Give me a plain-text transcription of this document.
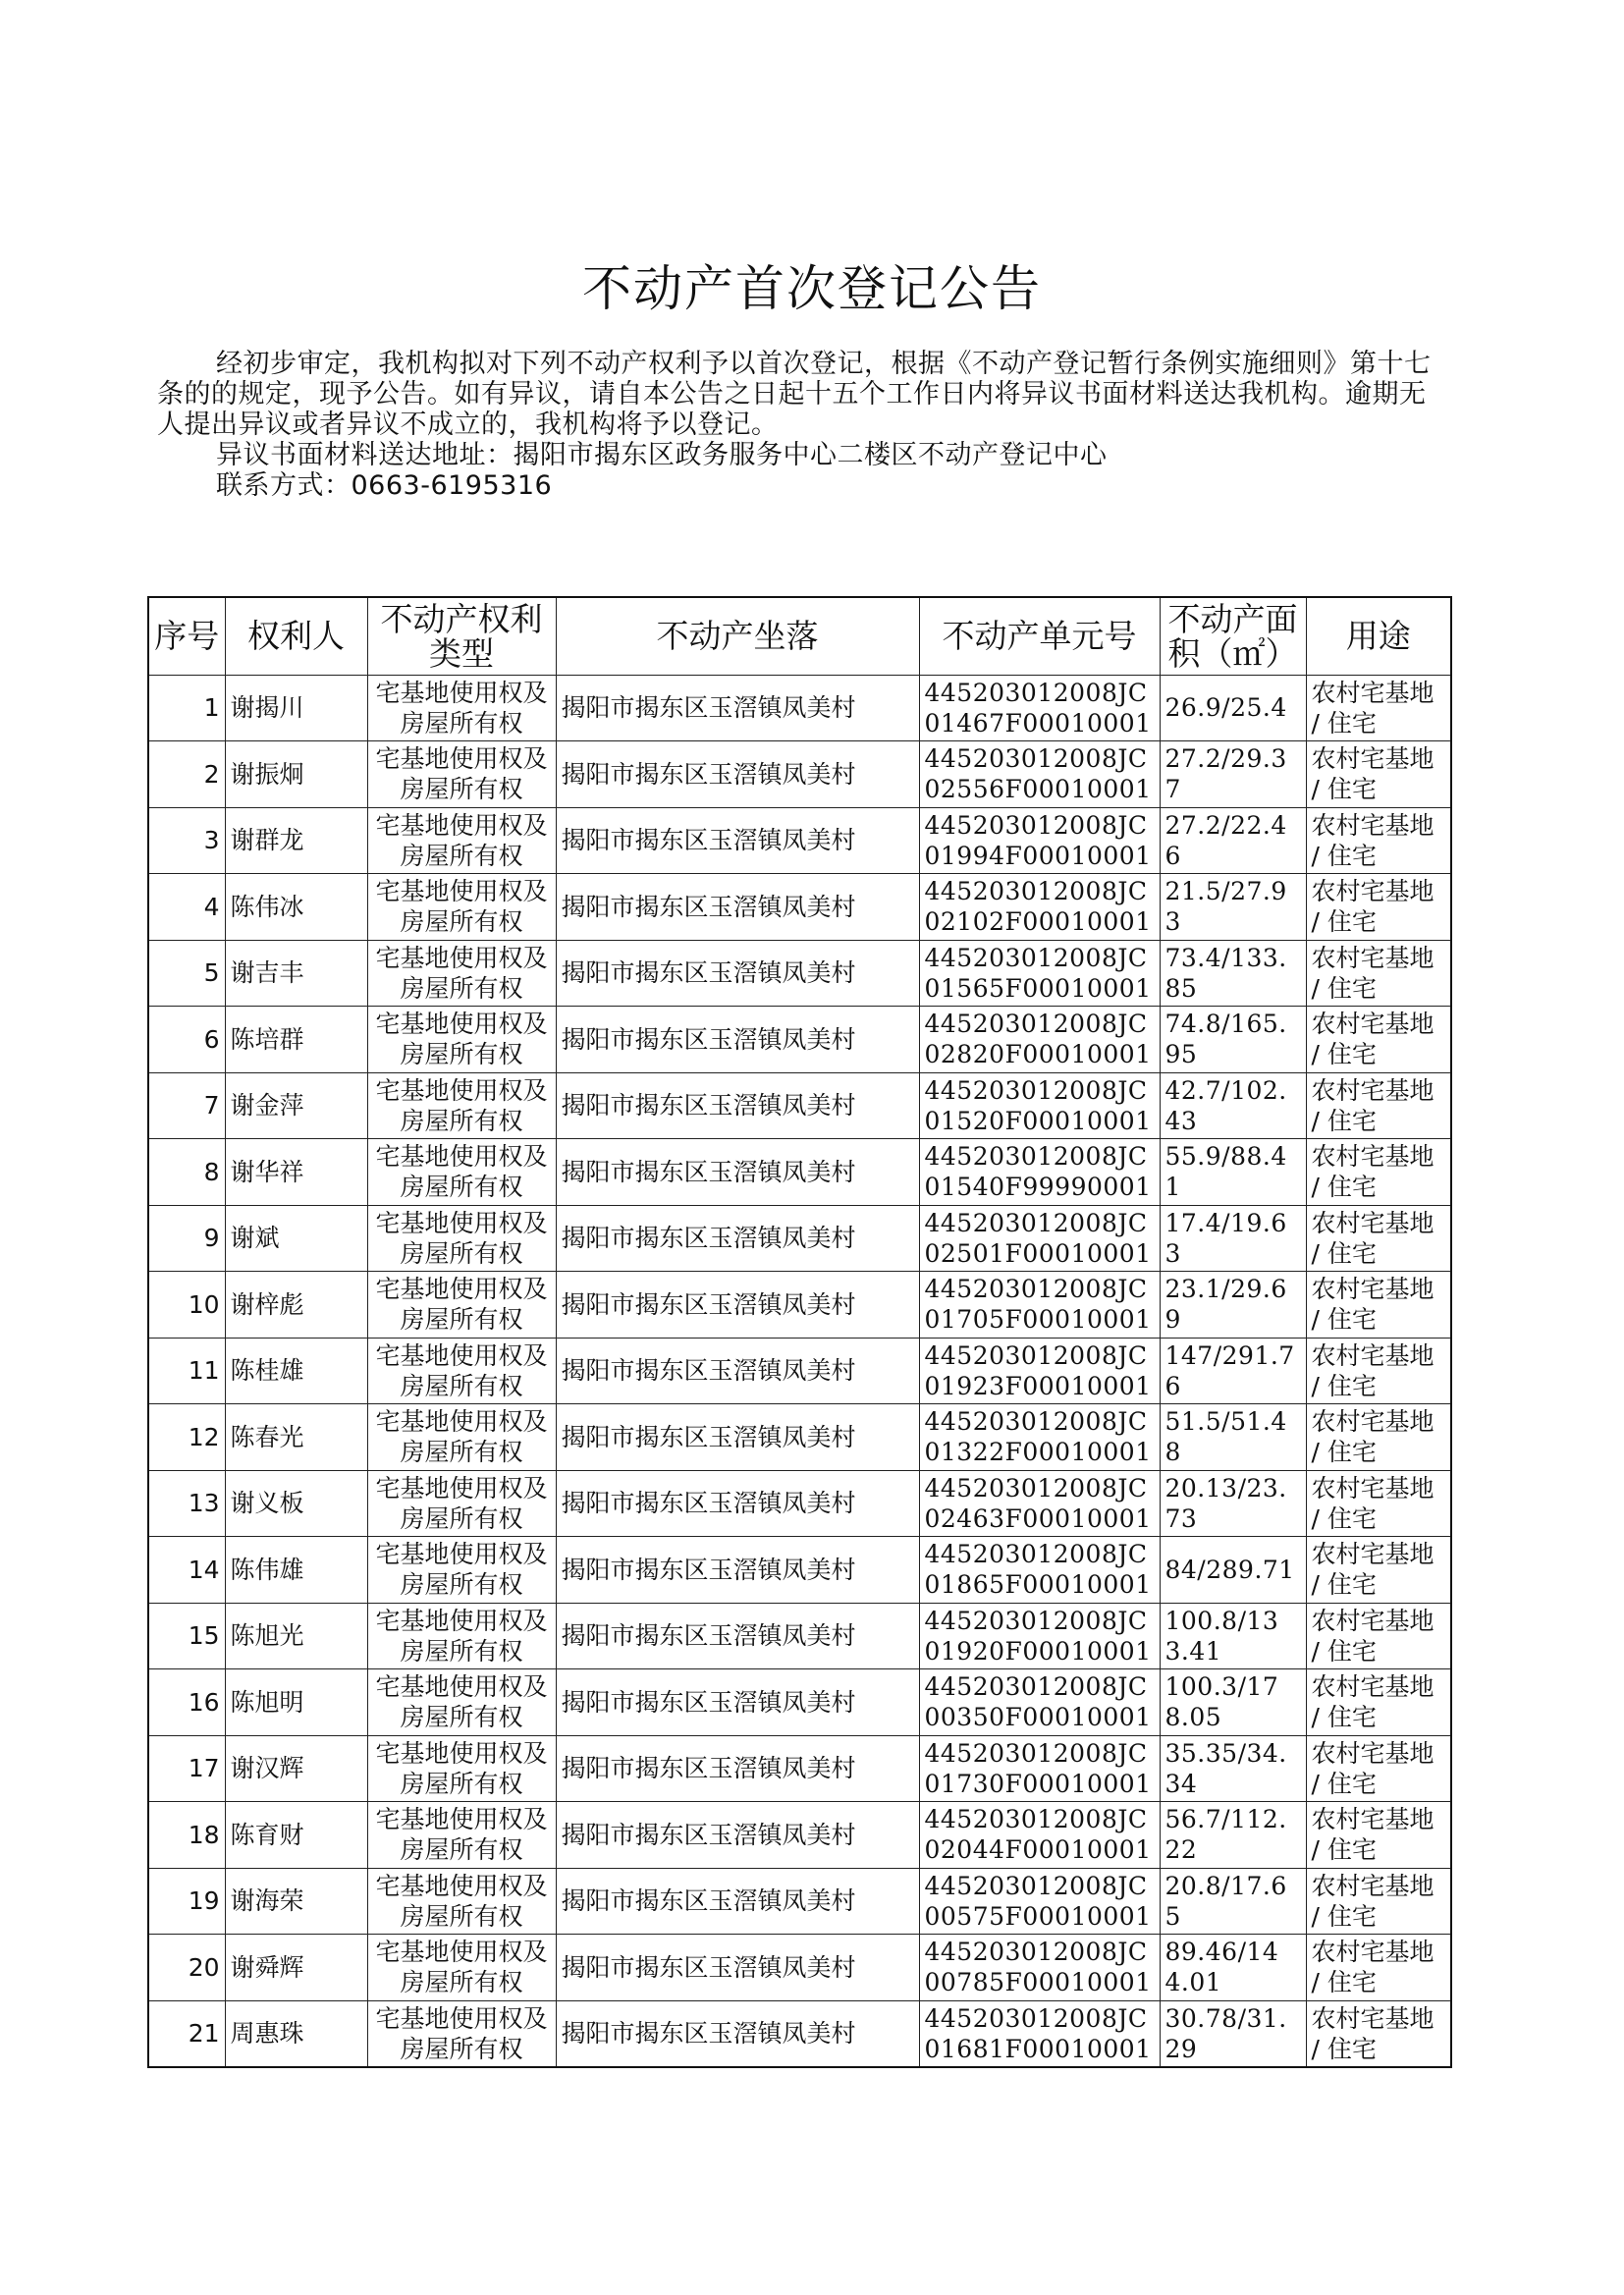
不动产首次登记公告

经初步审定，我机构拟对下列不动产权利予以首次登记，根据《不动产登记暂行条例实施细则》第十七条的的规定，现予公告。如有异议，请自本公告之日起十五个工作日内将异议书面材料送达我机构。逾期无人提出异议或者异议不成立的，我机构将予以登记。

异议书面材料送达地址：揭阳市揭东区政务服务中心二楼区不动产登记中心

联系方式：0663-6195316

序号	权利人	不动产权利类型	不动产坐落	不动产单元号	不动产面积（㎡）	用途
1	谢揭川	宅基地使用权及房屋所有权	揭阳市揭东区玉滘镇凤美村	445203012008JC01467F00010001	26.9/25.4	农村宅基地 / 住宅
2	谢振炯	宅基地使用权及房屋所有权	揭阳市揭东区玉滘镇凤美村	445203012008JC02556F00010001	27.2/29.37	农村宅基地 / 住宅
3	谢群龙	宅基地使用权及房屋所有权	揭阳市揭东区玉滘镇凤美村	445203012008JC01994F00010001	27.2/22.46	农村宅基地 / 住宅
4	陈伟冰	宅基地使用权及房屋所有权	揭阳市揭东区玉滘镇凤美村	445203012008JC02102F00010001	21.5/27.93	农村宅基地 / 住宅
5	谢吉丰	宅基地使用权及房屋所有权	揭阳市揭东区玉滘镇凤美村	445203012008JC01565F00010001	73.4/133.85	农村宅基地 / 住宅
6	陈培群	宅基地使用权及房屋所有权	揭阳市揭东区玉滘镇凤美村	445203012008JC02820F00010001	74.8/165.95	农村宅基地 / 住宅
7	谢金萍	宅基地使用权及房屋所有权	揭阳市揭东区玉滘镇凤美村	445203012008JC01520F00010001	42.7/102.43	农村宅基地 / 住宅
8	谢华祥	宅基地使用权及房屋所有权	揭阳市揭东区玉滘镇凤美村	445203012008JC01540F99990001	55.9/88.41	农村宅基地 / 住宅
9	谢斌	宅基地使用权及房屋所有权	揭阳市揭东区玉滘镇凤美村	445203012008JC02501F00010001	17.4/19.63	农村宅基地 / 住宅
10	谢梓彪	宅基地使用权及房屋所有权	揭阳市揭东区玉滘镇凤美村	445203012008JC01705F00010001	23.1/29.69	农村宅基地 / 住宅
11	陈桂雄	宅基地使用权及房屋所有权	揭阳市揭东区玉滘镇凤美村	445203012008JC01923F00010001	147/291.76	农村宅基地 / 住宅
12	陈春光	宅基地使用权及房屋所有权	揭阳市揭东区玉滘镇凤美村	445203012008JC01322F00010001	51.5/51.48	农村宅基地 / 住宅
13	谢义板	宅基地使用权及房屋所有权	揭阳市揭东区玉滘镇凤美村	445203012008JC02463F00010001	20.13/23.73	农村宅基地 / 住宅
14	陈伟雄	宅基地使用权及房屋所有权	揭阳市揭东区玉滘镇凤美村	445203012008JC01865F00010001	84/289.71	农村宅基地 / 住宅
15	陈旭光	宅基地使用权及房屋所有权	揭阳市揭东区玉滘镇凤美村	445203012008JC01920F00010001	100.8/133.41	农村宅基地 / 住宅
16	陈旭明	宅基地使用权及房屋所有权	揭阳市揭东区玉滘镇凤美村	445203012008JC00350F00010001	100.3/178.05	农村宅基地 / 住宅
17	谢汉辉	宅基地使用权及房屋所有权	揭阳市揭东区玉滘镇凤美村	445203012008JC01730F00010001	35.35/34.34	农村宅基地 / 住宅
18	陈育财	宅基地使用权及房屋所有权	揭阳市揭东区玉滘镇凤美村	445203012008JC02044F00010001	56.7/112.22	农村宅基地 / 住宅
19	谢海荣	宅基地使用权及房屋所有权	揭阳市揭东区玉滘镇凤美村	445203012008JC00575F00010001	20.8/17.65	农村宅基地 / 住宅
20	谢舜辉	宅基地使用权及房屋所有权	揭阳市揭东区玉滘镇凤美村	445203012008JC00785F00010001	89.46/144.01	农村宅基地 / 住宅
21	周惠珠	宅基地使用权及房屋所有权	揭阳市揭东区玉滘镇凤美村	445203012008JC01681F00010001	30.78/31.29	农村宅基地 / 住宅
